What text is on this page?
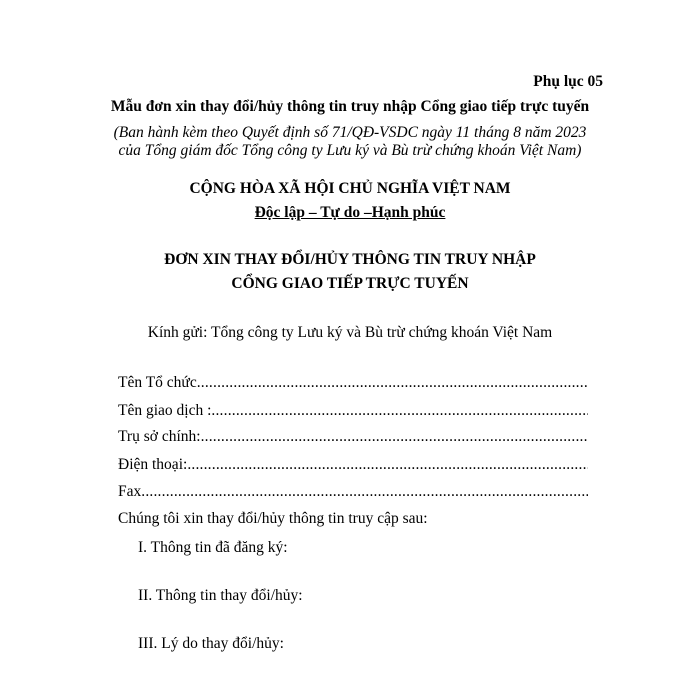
Phụ lục 05
Mẫu đơn xin thay đổi/hủy thông tin truy nhập Cổng giao tiếp trực tuyến
(Ban hành kèm theo Quyết định số 71/QĐ-VSDC ngày 11 tháng 8 năm 2023
của Tổng giám đốc Tổng công ty Lưu ký và Bù trừ chứng khoán Việt Nam)
CỘNG HÒA XÃ HỘI CHỦ NGHĨA VIỆT NAM
Độc lập – Tự do –Hạnh phúc
ĐƠN XIN THAY ĐỔI/HỦY THÔNG TIN TRUY NHẬP
CỔNG GIAO TIẾP TRỰC TUYẾN
Kính gửi: Tổng công ty Lưu ký và Bù trừ chứng khoán Việt Nam
Tên Tổ chức .....
Tên giao dịch : .....
Trụ sở chính: .....
Điện thoại: .....
Fax .....
Chúng tôi xin thay đổi/hủy thông tin truy cập sau:
I. Thông tin đã đăng ký:
II. Thông tin thay đổi/hủy:
III. Lý do thay đổi/hủy:
